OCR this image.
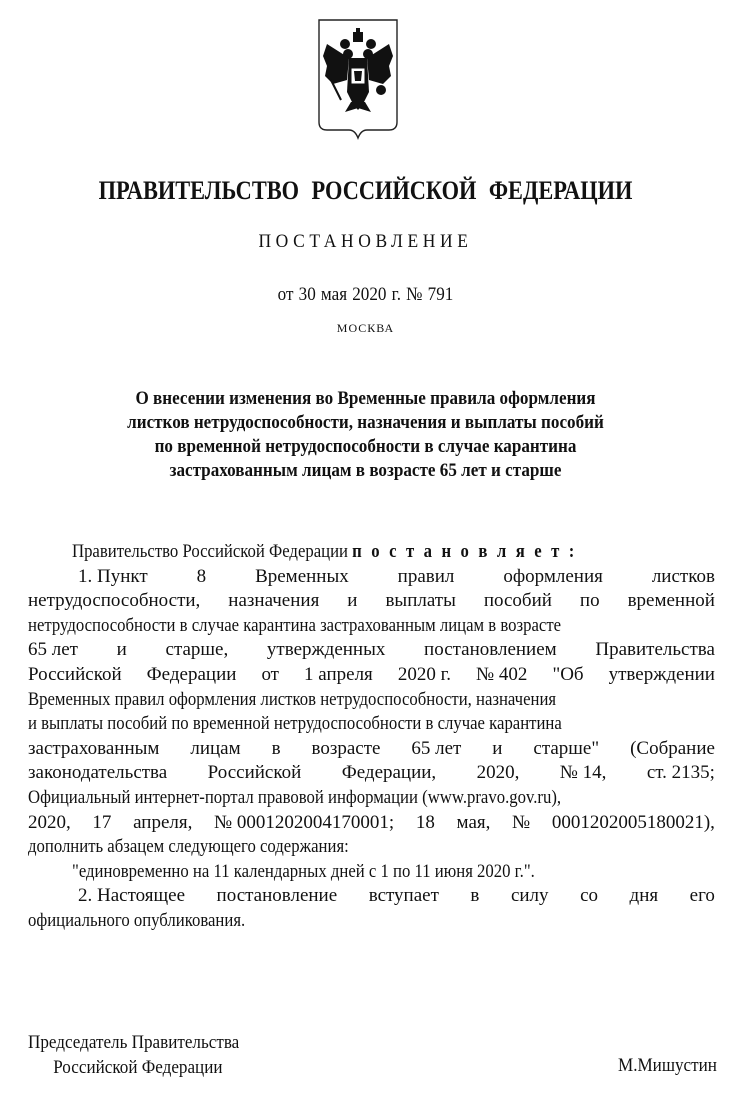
ПРАВИТЕЛЬСТВО РОССИЙСКОЙ ФЕДЕРАЦИИ
ПОСТАНОВЛЕНИЕ
от 30 мая 2020 г. № 791
МОСКВА
О внесении изменения во Временные правила оформления
листков нетрудоспособности, назначения и выплаты пособий
по временной нетрудоспособности в случае карантина
застрахованным лицам в возрасте 65 лет и старше
Правительство Российской Федерации
п о с т а н о в л я е т :
1. Пункт	8	Временных	правил	оформления	листков
нетрудоспособности, назначения и выплаты пособий по временной
нетрудоспособности в случае карантина застрахованным лицам в возрасте
65 лет и старше, утвержденных постановлением Правительства
Российской Федерации от 1 апреля 2020 г. № 402 "Об утверждении
Временных правил оформления листков нетрудоспособности, назначения
и выплаты пособий по временной нетрудоспособности в случае карантина
застрахованным лицам в возрасте 65 лет и старше" (Собрание
законодательства Российской Федерации, 2020, № 14, ст. 2135;
Официальный интернет-портал правовой информации (www.pravo.gov.ru),
2020, 17 апреля, № 0001202004170001; 18 мая, № 0001202005180021),
дополнить абзацем следующего содержания:
"единовременно на 11 календарных дней с 1 по 11 июня 2020 г.".
2. Настоящее постановление вступает в силу со дня его
официального опубликования.
Председатель Правительства
Российской Федерации	М.Мишустин
